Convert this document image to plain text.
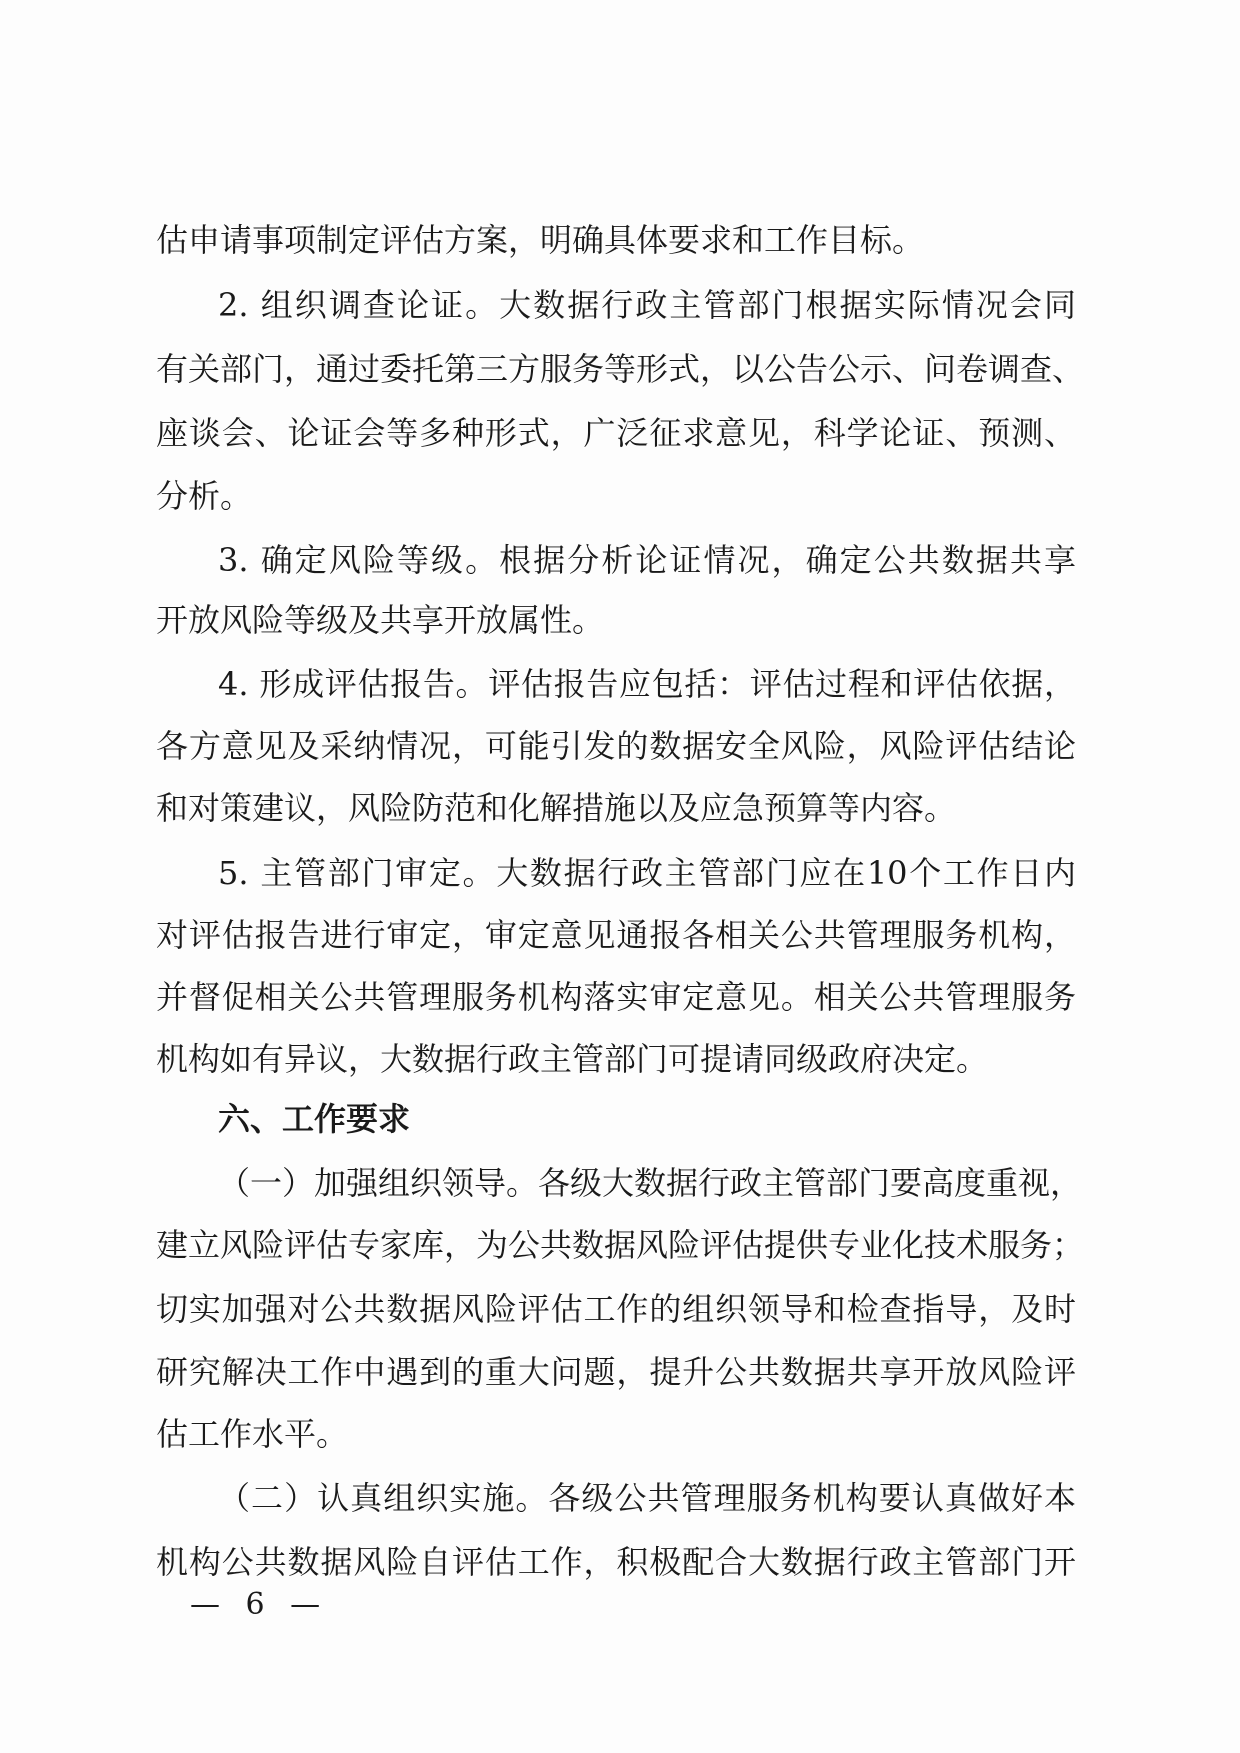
估申请事项制定评估方案，明确具体要求和工作目标。
2. 组织调查论证。大数据行政主管部门根据实际情况会同
有关部门，通过委托第三方服务等形式，以公告公示、问卷调查、
座谈会、论证会等多种形式，广泛征求意见，科学论证、预测、
分析。
3. 确定风险等级。根据分析论证情况，确定公共数据共享
开放风险等级及共享开放属性。
4. 形成评估报告。评估报告应包括：评估过程和评估依据，
各方意见及采纳情况，可能引发的数据安全风险，风险评估结论
和对策建议，风险防范和化解措施以及应急预算等内容。
5. 主管部门审定。大数据行政主管部门应在10个工作日内
对评估报告进行审定，审定意见通报各相关公共管理服务机构，
并督促相关公共管理服务机构落实审定意见。相关公共管理服务
机构如有异议，大数据行政主管部门可提请同级政府决定。
六、工作要求
（一）加强组织领导。各级大数据行政主管部门要高度重视，
建立风险评估专家库，为公共数据风险评估提供专业化技术服务；
切实加强对公共数据风险评估工作的组织领导和检查指导，及时
研究解决工作中遇到的重大问题，提升公共数据共享开放风险评
估工作水平。
（二）认真组织实施。各级公共管理服务机构要认真做好本
机构公共数据风险自评估工作，积极配合大数据行政主管部门开
— 6 —
